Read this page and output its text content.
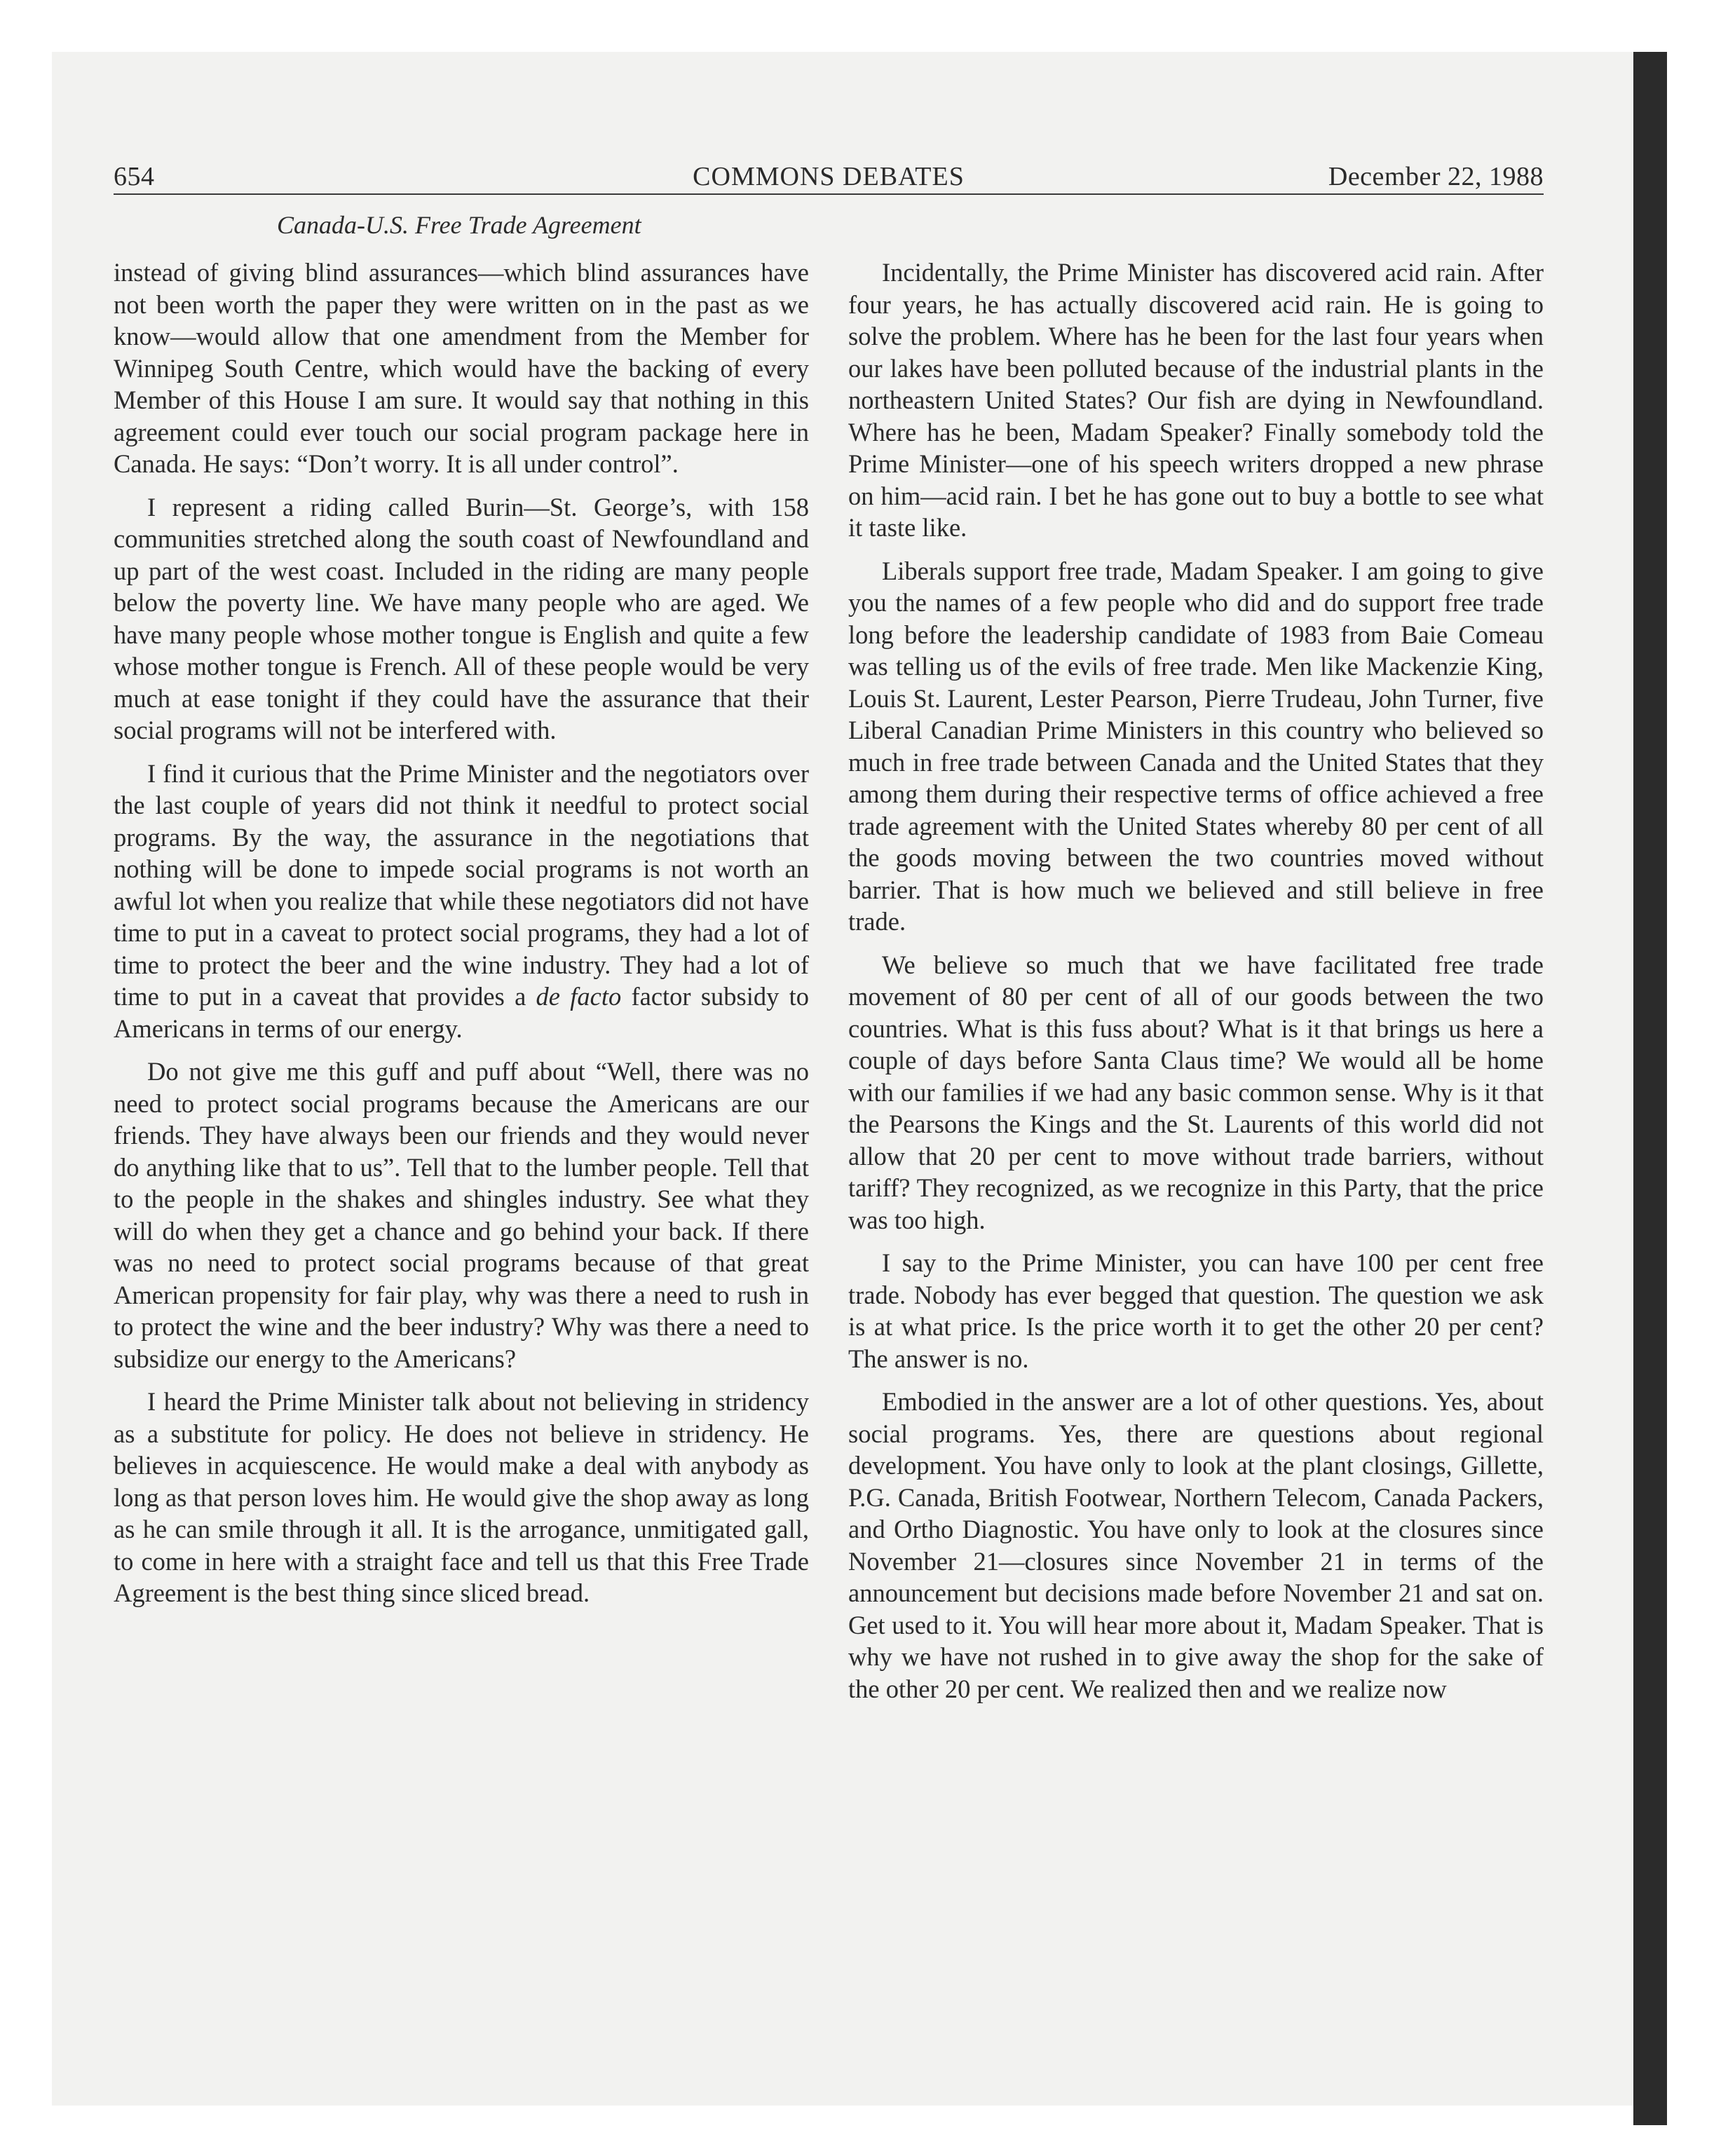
654	COMMONS DEBATES	December 22, 1988
Canada-U.S. Free Trade Agreement

instead of giving blind assurances—which blind assurances have not been worth the paper they were written on in the past as we know—would allow that one amendment from the Member for Winnipeg South Centre, which would have the backing of every Member of this House I am sure. It would say that nothing in this agreement could ever touch our social program package here in Canada. He says: “Don’t worry. It is all under control”.

I represent a riding called Burin—St. George’s, with 158 communities stretched along the south coast of Newfoundland and up part of the west coast. Included in the riding are many people below the poverty line. We have many people who are aged. We have many people whose mother tongue is English and quite a few whose mother tongue is French. All of these people would be very much at ease tonight if they could have the assurance that their social programs will not be interfered with.

I find it curious that the Prime Minister and the negotiators over the last couple of years did not think it needful to protect social programs. By the way, the assurance in the negotiations that nothing will be done to impede social programs is not worth an awful lot when you realize that while these negotiators did not have time to put in a caveat to protect social programs, they had a lot of time to protect the beer and the wine industry. They had a lot of time to put in a caveat that provides a de facto factor subsidy to Americans in terms of our energy.

Do not give me this guff and puff about “Well, there was no need to protect social programs because the Americans are our friends. They have always been our friends and they would never do anything like that to us”. Tell that to the lumber people. Tell that to the people in the shakes and shingles industry. See what they will do when they get a chance and go behind your back. If there was no need to protect social programs because of that great American propensity for fair play, why was there a need to rush in to protect the wine and the beer industry? Why was there a need to subsidize our energy to the Americans?

I heard the Prime Minister talk about not believing in stridency as a substitute for policy. He does not believe in stridency. He believes in acquiescence. He would make a deal with anybody as long as that person loves him. He would give the shop away as long as he can smile through it all. It is the arrogance, unmitigated gall, to come in here with a straight face and tell us that this Free Trade Agreement is the best thing since sliced bread.

Incidentally, the Prime Minister has discovered acid rain. After four years, he has actually discovered acid rain. He is going to solve the problem. Where has he been for the last four years when our lakes have been polluted because of the industrial plants in the northeastern United States? Our fish are dying in Newfoundland. Where has he been, Madam Speaker? Finally somebody told the Prime Minister—one of his speech writers dropped a new phrase on him—acid rain. I bet he has gone out to buy a bottle to see what it taste like.

Liberals support free trade, Madam Speaker. I am going to give you the names of a few people who did and do support free trade long before the leadership candidate of 1983 from Baie Comeau was telling us of the evils of free trade. Men like Mackenzie King, Louis St. Laurent, Lester Pearson, Pierre Trudeau, John Turner, five Liberal Canadian Prime Ministers in this country who believed so much in free trade between Canada and the United States that they among them during their respective terms of office achieved a free trade agreement with the United States whereby 80 per cent of all the goods moving between the two countries moved without barrier. That is how much we believed and still believe in free trade.

We believe so much that we have facilitated free trade movement of 80 per cent of all of our goods between the two countries. What is this fuss about? What is it that brings us here a couple of days before Santa Claus time? We would all be home with our families if we had any basic common sense. Why is it that the Pearsons the Kings and the St. Laurents of this world did not allow that 20 per cent to move without trade barriers, without tariff? They recognized, as we recognize in this Party, that the price was too high.

I say to the Prime Minister, you can have 100 per cent free trade. Nobody has ever begged that question. The question we ask is at what price. Is the price worth it to get the other 20 per cent? The answer is no.

Embodied in the answer are a lot of other questions. Yes, about social programs. Yes, there are questions about regional development. You have only to look at the plant closings, Gillette, P.G. Canada, British Footwear, Northern Telecom, Canada Packers, and Ortho Diagnostic. You have only to look at the closures since November 21—closures since November 21 in terms of the announcement but decisions made before November 21 and sat on. Get used to it. You will hear more about it, Madam Speaker. That is why we have not rushed in to give away the shop for the sake of the other 20 per cent. We realized then and we realize now
